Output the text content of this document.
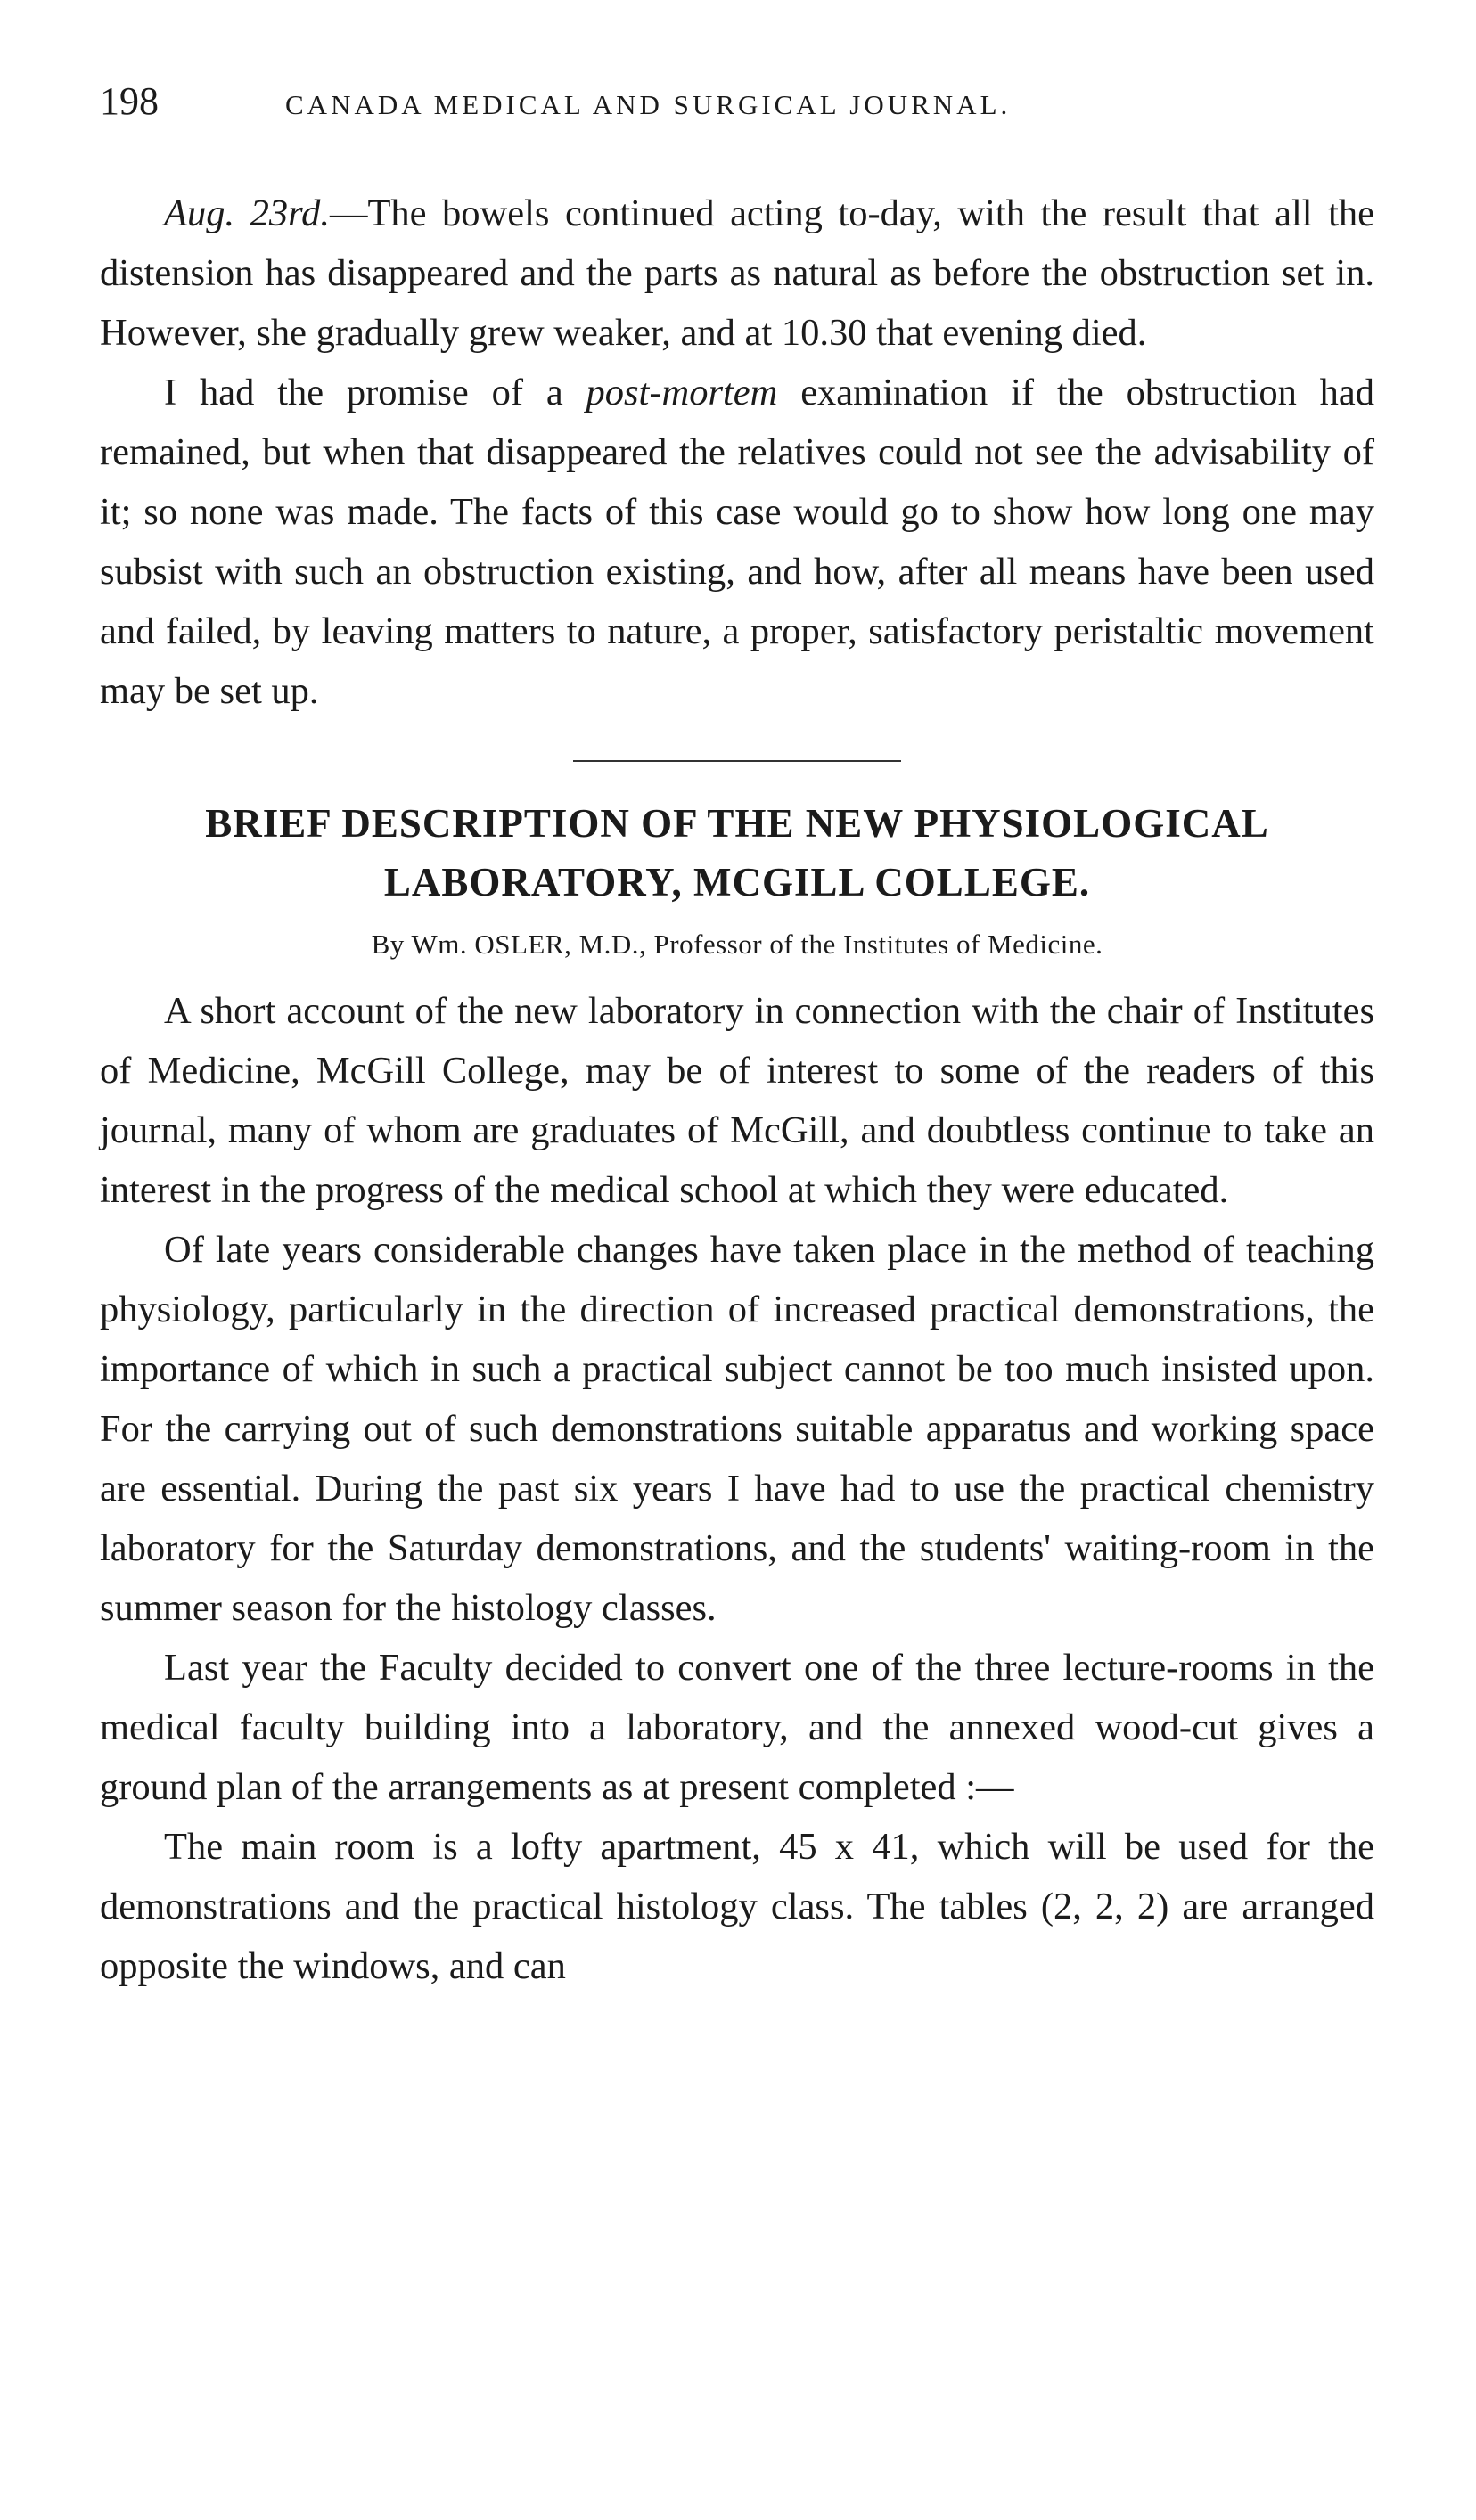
198	CANADA MEDICAL AND SURGICAL JOURNAL.

Aug. 23rd.—The bowels continued acting to-day, with the result that all the distension has disappeared and the parts as natural as before the obstruction set in. However, she gradually grew weaker, and at 10.30 that evening died.

I had the promise of a post-mortem examination if the obstruction had remained, but when that disappeared the relatives could not see the advisability of it; so none was made. The facts of this case would go to show how long one may subsist with such an obstruction existing, and how, after all means have been used and failed, by leaving matters to nature, a proper, satisfactory peristaltic movement may be set up.

BRIEF DESCRIPTION OF THE NEW PHYSIOLOGICAL
LABORATORY, MCGILL COLLEGE.
By Wm. OSLER, M.D., Professor of the Institutes of Medicine.

A short account of the new laboratory in connection with the chair of Institutes of Medicine, McGill College, may be of interest to some of the readers of this journal, many of whom are graduates of McGill, and doubtless continue to take an interest in the progress of the medical school at which they were educated.

Of late years considerable changes have taken place in the method of teaching physiology, particularly in the direction of increased practical demonstrations, the importance of which in such a practical subject cannot be too much insisted upon. For the carrying out of such demonstrations suitable apparatus and working space are essential. During the past six years I have had to use the practical chemistry laboratory for the Saturday demonstrations, and the students' waiting-room in the summer season for the histology classes.

Last year the Faculty decided to convert one of the three lecture-rooms in the medical faculty building into a laboratory, and the annexed wood-cut gives a ground plan of the arrangements as at present completed :—

The main room is a lofty apartment, 45 x 41, which will be used for the demonstrations and the practical histology class. The tables (2, 2, 2) are arranged opposite the windows, and can
